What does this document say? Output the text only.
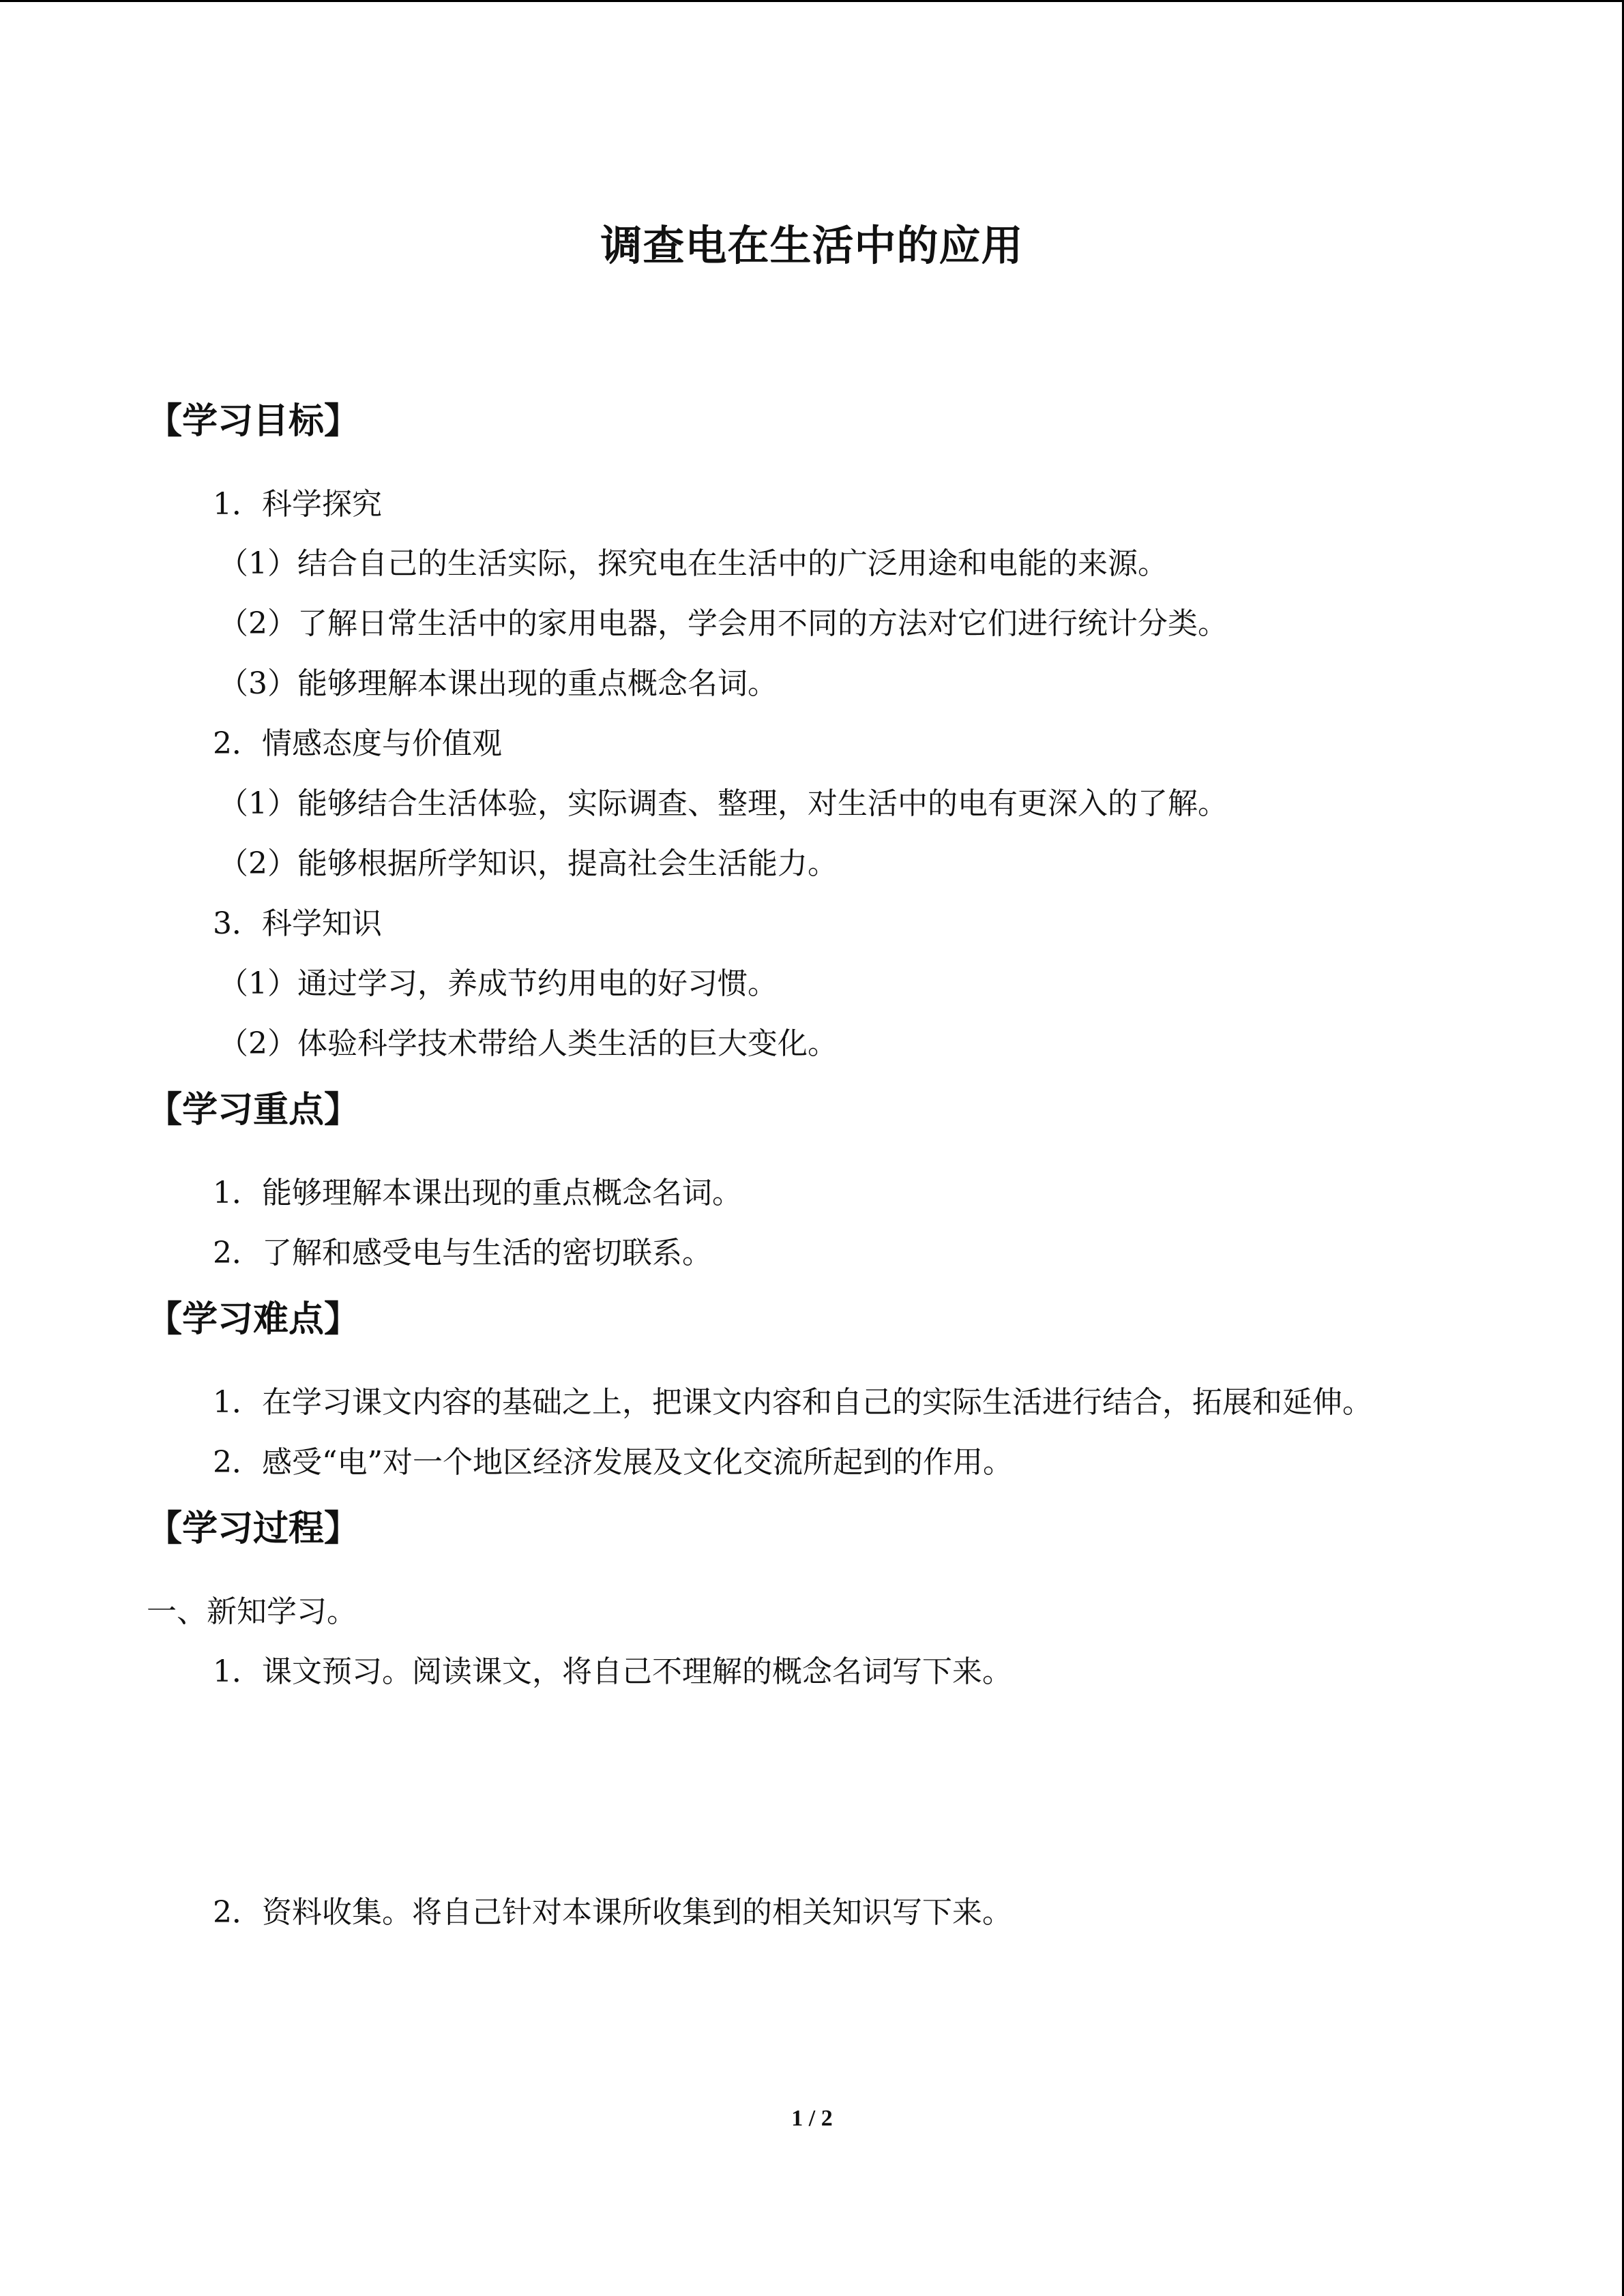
调查电在生活中的应用
【学习目标】
1．科学探究
（1）结合自己的生活实际，探究电在生活中的广泛用途和电能的来源。
（2）了解日常生活中的家用电器，学会用不同的方法对它们进行统计分类。
（3）能够理解本课出现的重点概念名词。
2．情感态度与价值观
（1）能够结合生活体验，实际调查、整理，对生活中的电有更深入的了解。
（2）能够根据所学知识，提高社会生活能力。
3．科学知识
（1）通过学习，养成节约用电的好习惯。
（2）体验科学技术带给人类生活的巨大变化。
【学习重点】
1．能够理解本课出现的重点概念名词。
2．了解和感受电与生活的密切联系。
【学习难点】
1．在学习课文内容的基础之上，把课文内容和自己的实际生活进行结合，拓展和延伸。
2．感受“电”对一个地区经济发展及文化交流所起到的作用。
【学习过程】
一、新知学习。
1．课文预习。阅读课文，将自己不理解的概念名词写下来。
2．资料收集。将自己针对本课所收集到的相关知识写下来。
1 / 2
